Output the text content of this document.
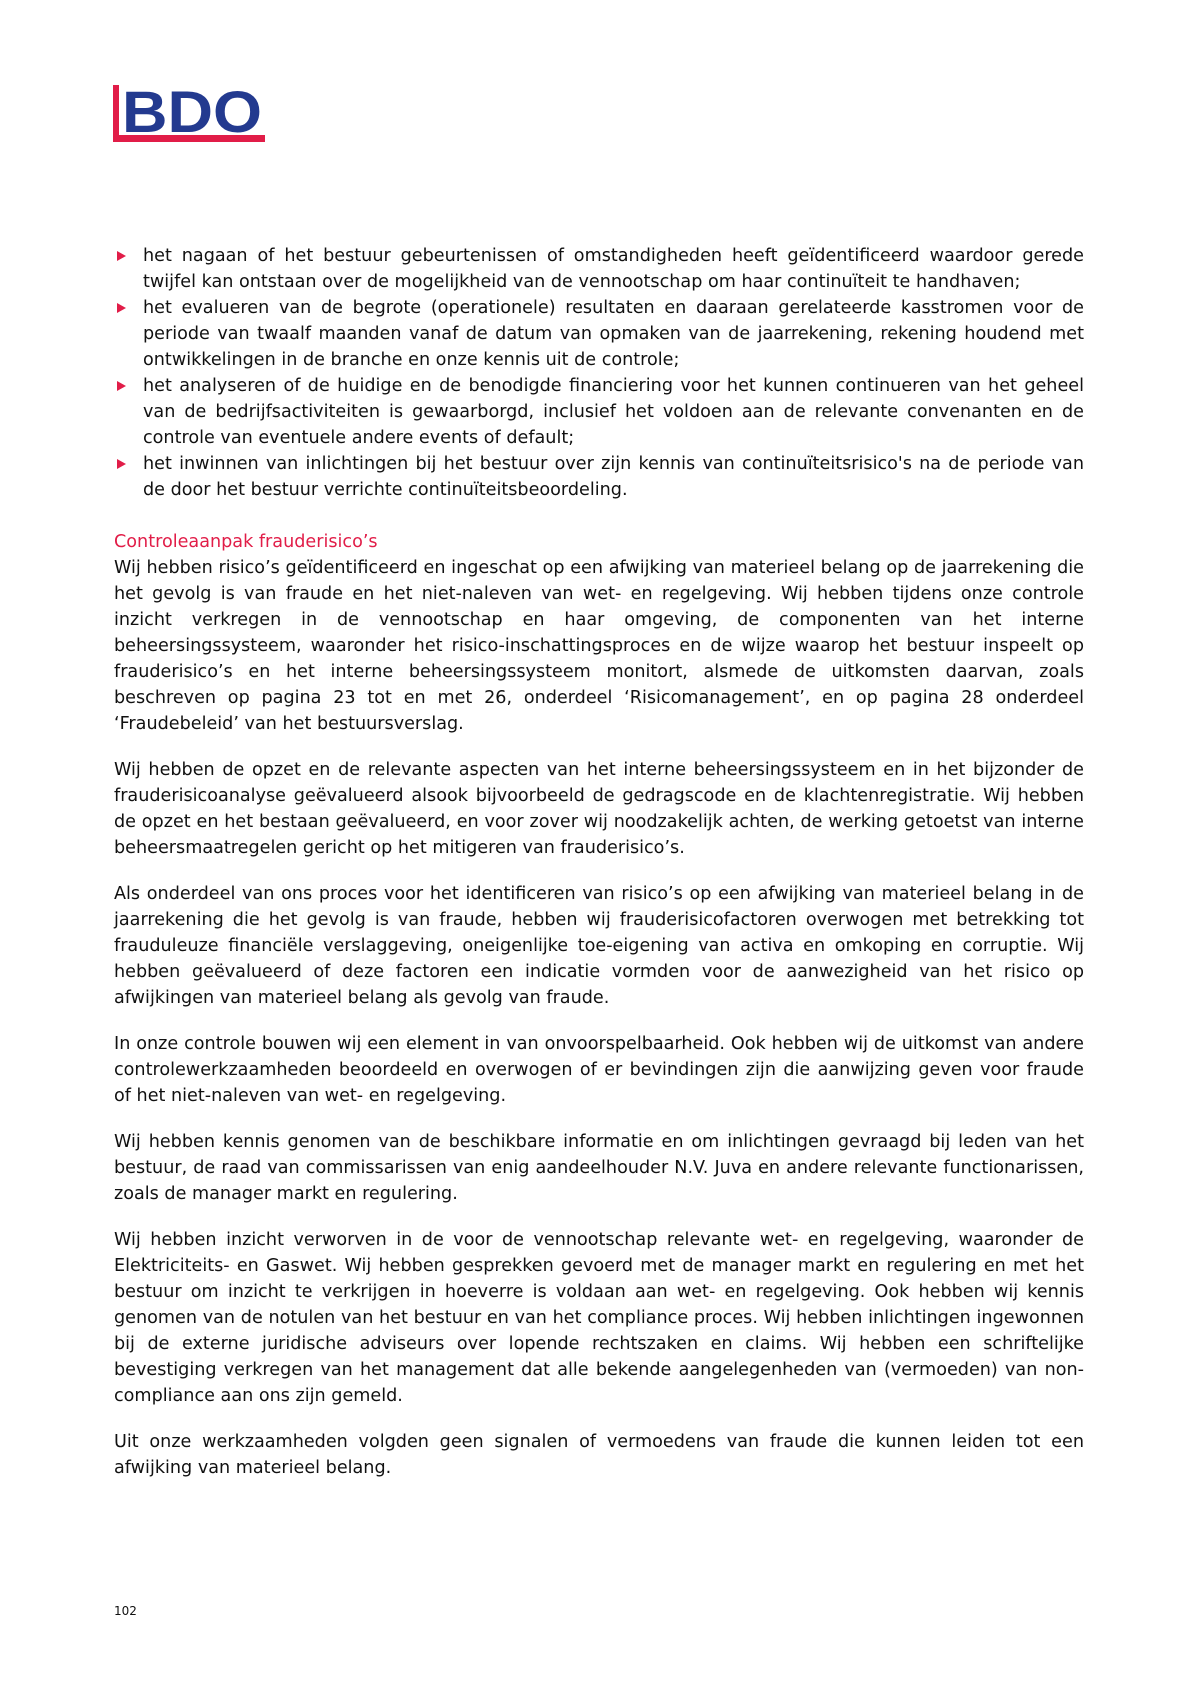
BDO
het nagaan of het bestuur gebeurtenissen of omstandigheden heeft geïdentificeerd waardoor gerede twijfel kan ontstaan over de mogelijkheid van de vennootschap om haar continuïteit te handhaven;
het evalueren van de begrote (operationele) resultaten en daaraan gerelateerde kasstromen voor de periode van twaalf maanden vanaf de datum van opmaken van de jaarrekening, rekening houdend met ontwikkelingen in de branche en onze kennis uit de controle;
het analyseren of de huidige en de benodigde financiering voor het kunnen continueren van het geheel van de bedrijfsactiviteiten is gewaarborgd, inclusief het voldoen aan de relevante convenanten en de controle van eventuele andere events of default;
het inwinnen van inlichtingen bij het bestuur over zijn kennis van continuïteitsrisico's na de periode van de door het bestuur verrichte continuïteitsbeoordeling.
Controleaanpak frauderisico’s

Wij hebben risico’s geïdentificeerd en ingeschat op een afwijking van materieel belang op de jaarrekening die het gevolg is van fraude en het niet-naleven van wet- en regelgeving. Wij hebben tijdens onze controle inzicht verkregen in de vennootschap en haar omgeving, de componenten van het interne beheersingssysteem, waaronder het risico-inschattingsproces en de wijze waarop het bestuur inspeelt op frauderisico’s en het interne beheersingssysteem monitort, alsmede de uitkomsten daarvan, zoals beschreven op pagina 23 tot en met 26, onderdeel ‘Risicomanagement’, en op pagina 28 onderdeel ‘Fraudebeleid’ van het bestuursverslag.

Wij hebben de opzet en de relevante aspecten van het interne beheersingssysteem en in het bijzonder de frauderisicoanalyse geëvalueerd alsook bijvoorbeeld de gedragscode en de klachtenregistratie. Wij hebben de opzet en het bestaan geëvalueerd, en voor zover wij noodzakelijk achten, de werking getoetst van interne beheersmaatregelen gericht op het mitigeren van frauderisico’s.

Als onderdeel van ons proces voor het identificeren van risico’s op een afwijking van materieel belang in de jaarrekening die het gevolg is van fraude, hebben wij frauderisicofactoren overwogen met betrekking tot frauduleuze financiële verslaggeving, oneigenlijke toe-eigening van activa en omkoping en corruptie. Wij hebben geëvalueerd of deze factoren een indicatie vormden voor de aanwezigheid van het risico op afwijkingen van materieel belang als gevolg van fraude.

In onze controle bouwen wij een element in van onvoorspelbaarheid. Ook hebben wij de uitkomst van andere controlewerkzaamheden beoordeeld en overwogen of er bevindingen zijn die aanwijzing geven voor fraude of het niet-naleven van wet- en regelgeving.

Wij hebben kennis genomen van de beschikbare informatie en om inlichtingen gevraagd bij leden van het bestuur, de raad van commissarissen van enig aandeelhouder N.V. Juva en andere relevante functionarissen, zoals de manager markt en regulering.

Wij hebben inzicht verworven in de voor de vennootschap relevante wet- en regelgeving, waaronder de Elektriciteits- en Gaswet. Wij hebben gesprekken gevoerd met de manager markt en regulering en met het bestuur om inzicht te verkrijgen in hoeverre is voldaan aan wet- en regelgeving. Ook hebben wij kennis genomen van de notulen van het bestuur en van het compliance proces. Wij hebben inlichtingen ingewonnen bij de externe juridische adviseurs over lopende rechtszaken en claims. Wij hebben een schriftelijke bevestiging verkregen van het management dat alle bekende aangelegenheden van (vermoeden) van non-compliance aan ons zijn gemeld.

Uit onze werkzaamheden volgden geen signalen of vermoedens van fraude die kunnen leiden tot een afwijking van materieel belang.

102
